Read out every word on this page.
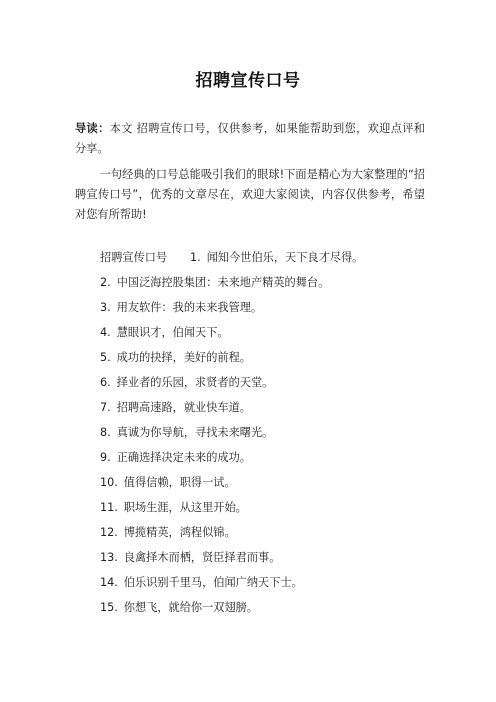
招聘宣传口号
导读：本文 招聘宣传口号，仅供参考，如果能帮助到您，欢迎点评和分享。
一句经典的口号总能吸引我们的眼球!下面是精心为大家整理的“招聘宣传口号”，优秀的文章尽在，欢迎大家阅读，内容仅供参考，希望对您有所帮助!
招聘宣传口号 1. 闻知今世伯乐，天下良才尽得。
2. 中国泛海控股集团：未来地产精英的舞台。
3. 用友软件：我的未来我管理。
4. 慧眼识才，伯闻天下。
5. 成功的抉择，美好的前程。
6. 择业者的乐园，求贤者的天堂。
7. 招聘高速路，就业快车道。
8. 真诚为你导航，寻找未来曙光。
9. 正确选择决定未来的成功。
10. 值得信赖，职得一试。
11. 职场生涯，从这里开始。
12. 博揽精英，鸿程似锦。
13. 良禽择木而栖，贤臣择君而事。
14. 伯乐识别千里马，伯闻广纳天下士。
15. 你想飞，就给你一双翅膀。
